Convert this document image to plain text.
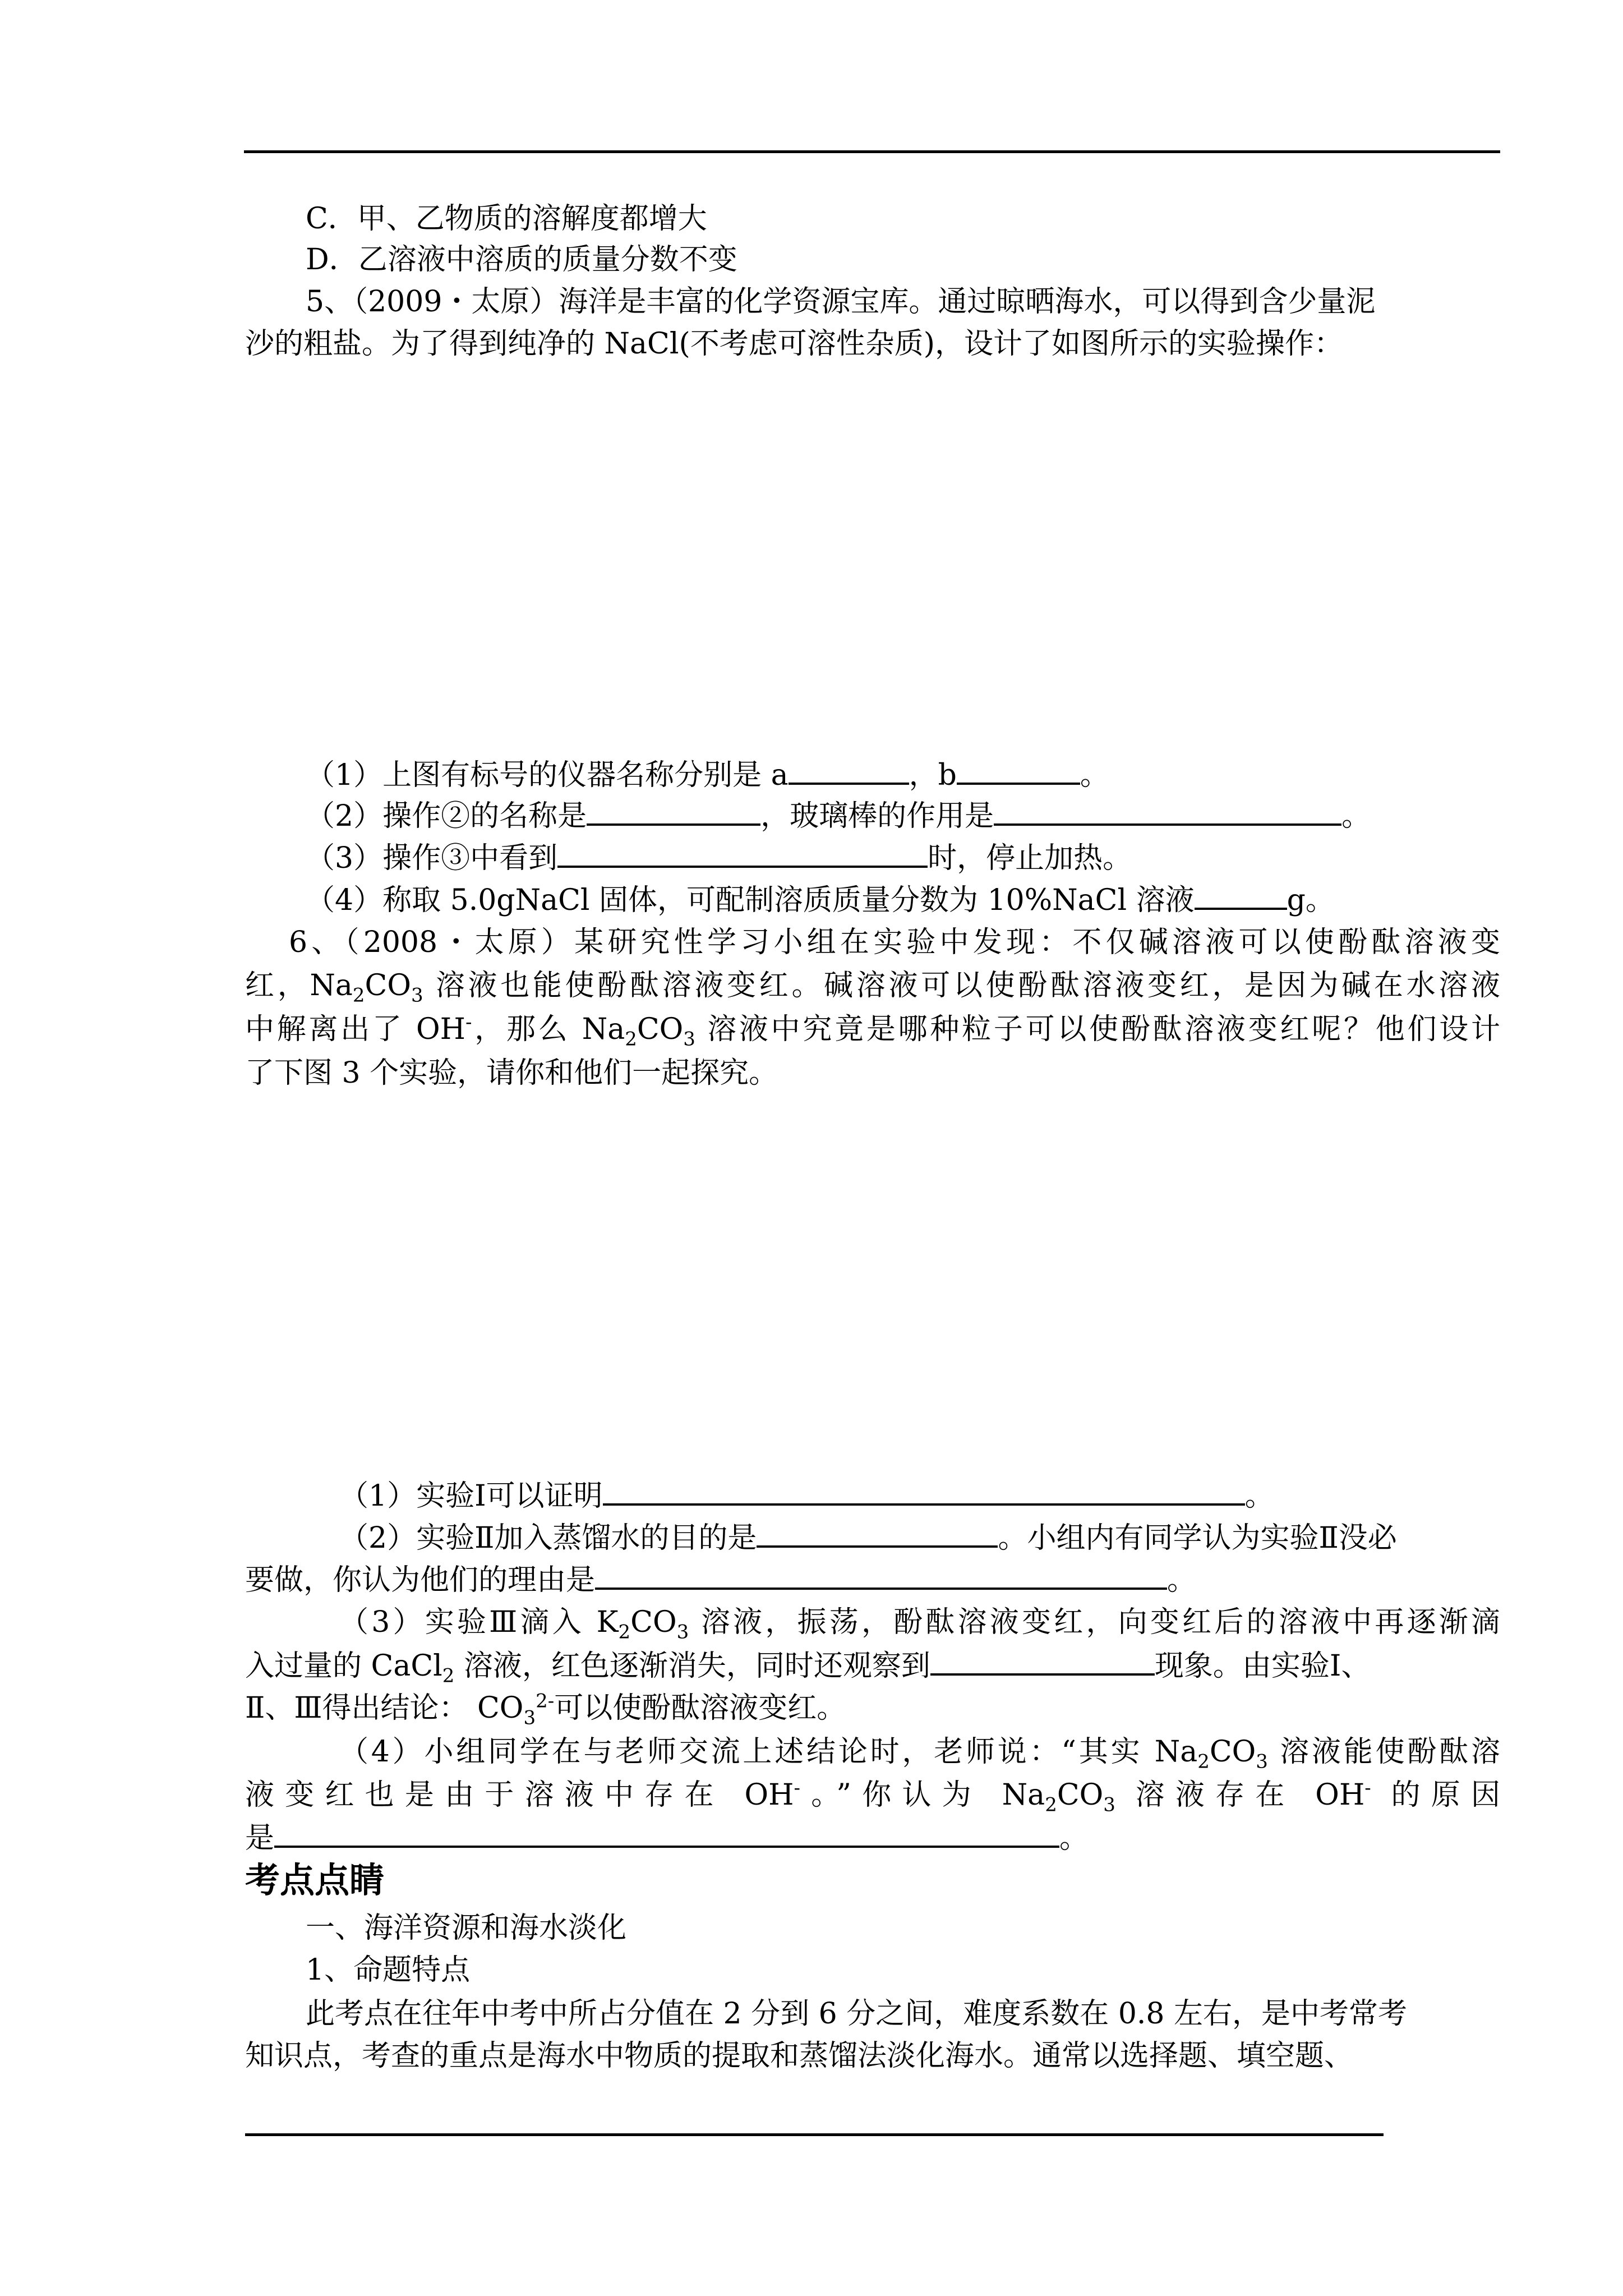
C．甲、乙物质的溶解度都增大
D．乙溶液中溶质的质量分数不变
5、（2009・太原）海洋是丰富的化学资源宝库。通过晾晒海水，可以得到含少量泥
沙的粗盐。为了得到纯净的 NaCl(不考虑可溶性杂质)，设计了如图所示的实验操作：
（1）上图有标号的仪器名称分别是 a	，b	。
（2）操作②的名称是	，玻璃棒的作用是	。
（3）操作③中看到	时，停止加热。
（4）称取 5.0gNaCl 固体，可配制溶质质量分数为 10%NaCl 溶液	g。
6、（2008・太原）某研究性学习小组在实验中发现：不仅碱溶液可以使酚酞溶液变
红，$Na_2CO_3$ 溶液也能使酚酞溶液变红。碱溶液可以使酚酞溶液变红，是因为碱在水溶液
中解离出了 OH-，那么 $Na_2CO_3$ 溶液中究竟是哪种粒子可以使酚酞溶液变红呢？他们设计
了下图 3 个实验，请你和他们一起探究。
（1）实验Ⅰ可以证明	。
（2）实验Ⅱ加入蒸馏水的目的是	。小组内有同学认为实验Ⅱ没必
要做，你认为他们的理由是	。
（3）实验Ⅲ滴入 $K_2CO_3$ 溶液，振荡，酚酞溶液变红，向变红后的溶液中再逐渐滴
入过量的 CaCl$_2$ 溶液，红色逐渐消失，同时还观察到	现象。由实验Ⅰ、
Ⅱ、Ⅲ得出结论： $CO_3^{2-}$可以使酚酞溶液变红。
（4）小组同学在与老师交流上述结论时，老师说：“其实 $Na_2CO_3$ 溶液能使酚酞溶
液变红也是由于溶液中存在 OH-。”你认为 $Na_2CO_3$ 溶液存在 OH- 的原因
是	。
考点点睛
一、海洋资源和海水淡化
1、命题特点
此考点在往年中考中所占分值在 2 分到 6 分之间，难度系数在 0.8 左右，是中考常考
知识点，考查的重点是海水中物质的提取和蒸馏法淡化海水。通常以选择题、填空题、
